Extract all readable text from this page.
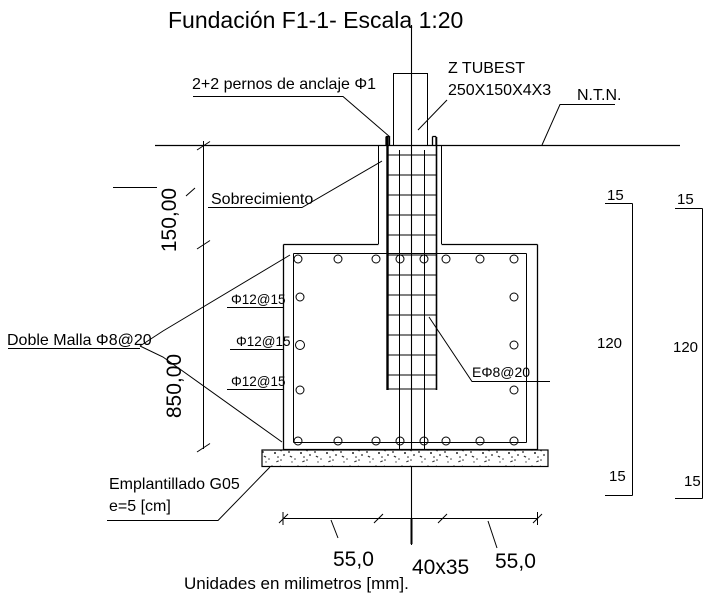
Fundación F1-1- Escala 1:20
2+2 pernos de anclaje Φ1
Z TUBEST
250X150X4X3 N.T.N.
Sobrecimiento
Doble Malla Φ8@20
Φ12@15
Φ12@15
Φ12@15
EΦ8@20
Emplantillado G05
e=5 [cm]
150,00
850,00
55,0 40x35 55,0
Unidades en milimetros [mm].
15
120
15
15
120
15
